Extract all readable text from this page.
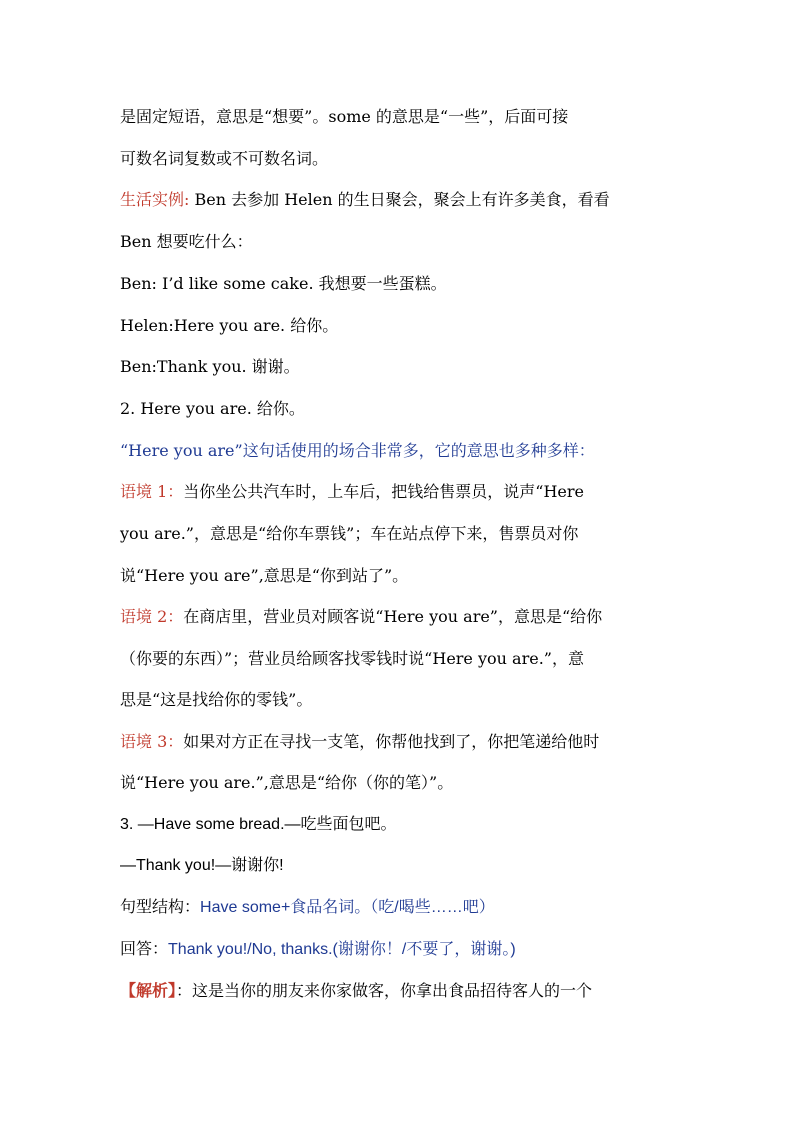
是固定短语，意思是“想要”。some 的意思是“一些”，后面可接
可数名词复数或不可数名词。
生活实例: Ben 去参加 Helen 的生日聚会，聚会上有许多美食，看看
Ben 想要吃什么：
Ben: I’d like some cake. 我想要一些蛋糕。
Helen:Here you are. 给你。
Ben:Thank you. 谢谢。
2. Here you are. 给你。
“Here you are”这句话使用的场合非常多，它的意思也多种多样：
语境 1：当你坐公共汽车时，上车后，把钱给售票员，说声“Here
you are.”，意思是“给你车票钱”；车在站点停下来，售票员对你
说“Here you are”,意思是“你到站了”。
语境 2：在商店里，营业员对顾客说“Here you are”，意思是“给你
（你要的东西）”；营业员给顾客找零钱时说“Here you are.”，意
思是“这是找给你的零钱”。
语境 3：如果对方正在寻找一支笔，你帮他找到了，你把笔递给他时
说“Here you are.”,意思是“给你（你的笔）”。
3. —Have some bread.—吃些面包吧。
—Thank you!—谢谢你!
句型结构：Have some+食品名词。（吃/喝些……吧）
回答：Thank you!/No, thanks.(谢谢你！/不要了，谢谢。)
【解析】：这是当你的朋友来你家做客，你拿出食品招待客人的一个
